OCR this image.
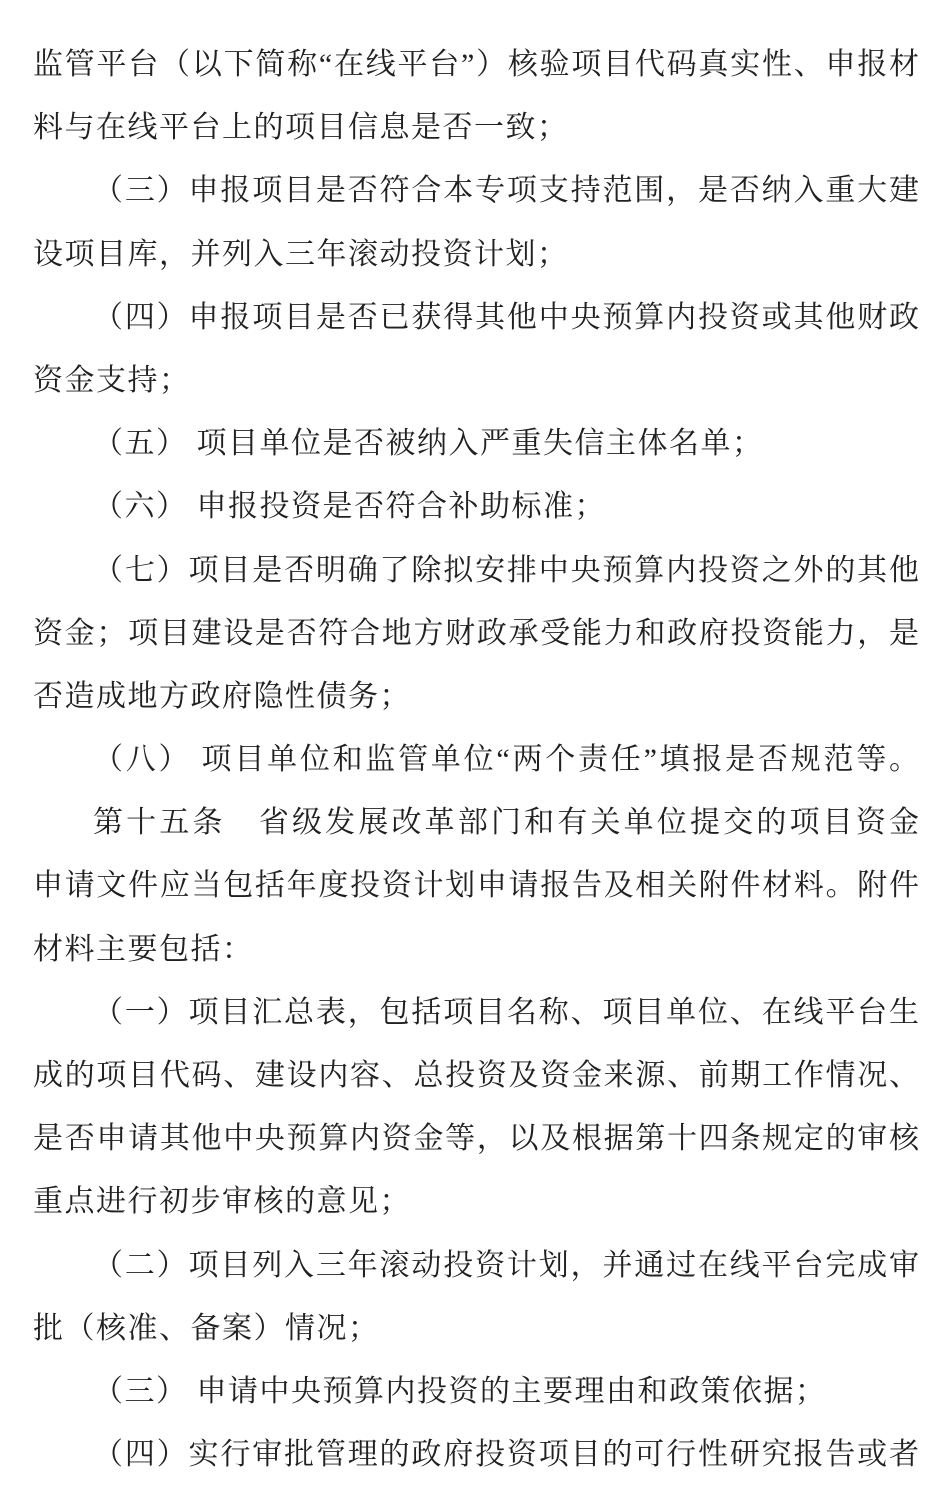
监管平台（以下简称“在线平台”）核验项目代码真实性、申报材
料与在线平台上的项目信息是否一致；
（三）申报项目是否符合本专项支持范围，是否纳入重大建
设项目库，并列入三年滚动投资计划；
（四）申报项目是否已获得其他中央预算内投资或其他财政
资金支持；
（五） 项目单位是否被纳入严重失信主体名单；
（六） 申报投资是否符合补助标准；
（七）项目是否明确了除拟安排中央预算内投资之外的其他
资金；项目建设是否符合地方财政承受能力和政府投资能力，是
否造成地方政府隐性债务；
（八） 项目单位和监管单位“两个责任”填报是否规范等。
第十五条　省级发展改革部门和有关单位提交的项目资金
申请文件应当包括年度投资计划申请报告及相关附件材料。附件
材料主要包括：
（一）项目汇总表，包括项目名称、项目单位、在线平台生
成的项目代码、建设内容、总投资及资金来源、前期工作情况、
是否申请其他中央预算内资金等，以及根据第十四条规定的审核
重点进行初步审核的意见；
（二）项目列入三年滚动投资计划，并通过在线平台完成审
批（核准、备案）情况；
（三） 申请中央预算内投资的主要理由和政策依据；
（四）实行审批管理的政府投资项目的可行性研究报告或者
